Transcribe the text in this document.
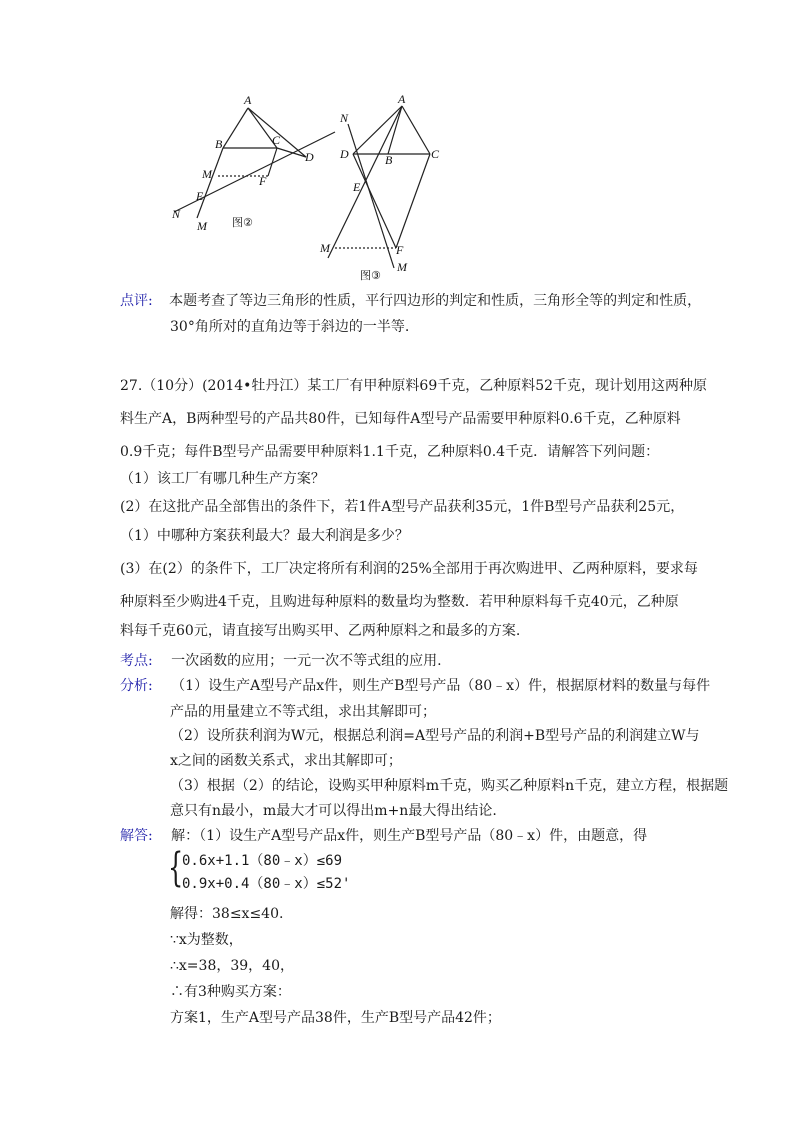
A
B	C
D
M	F
E
N
M 图②
N
A
D	B	C
E
M	F
M
图③
点评: 本题考查了等边三角形的性质，平行四边形的判定和性质，三角形全等的判定和性质，
30°角所对的直角边等于斜边的一半等.
27.（10分）(2014•牡丹江）某工厂有甲种原料69千克，乙种原料52千克，现计划用这两种原
料生产A，B两种型号的产品共80件，已知每件A型号产品需要甲种原料0.6千克，乙种原料
0.9千克；每件B型号产品需要甲种原料1.1千克，乙种原料0.4千克．请解答下列问题：
（1）该工厂有哪几种生产方案？
(2）在这批产品全部售出的条件下，若1件A型号产品获利35元，1件B型号产品获利25元，
（1）中哪种方案获利最大？最大利润是多少？
(3）在(2）的条件下，工厂决定将所有利润的25%全部用于再次购进甲、乙两种原料，要求每
种原料至少购进4千克，且购进每种原料的数量均为整数．若甲种原料每千克40元，乙种原
料每千克60元，请直接写出购买甲、乙两种原料之和最多的方案.
考点: 一次函数的应用；一元一次不等式组的应用.
分析: （1）设生产A型号产品x件，则生产B型号产品（80﹣x）件，根据原材料的数量与每件
产品的用量建立不等式组，求出其解即可；
（2）设所获利润为W元，根据总利润=A型号产品的利润+B型号产品的利润建立W与
x之间的函数关系式，求出其解即可；
（3）根据（2）的结论，设购买甲种原料m千克，购买乙种原料n千克，建立方程，根据题
意只有n最小，m最大才可以得出m+n最大得出结论.
解答: 解：（1）设生产A型号产品x件，则生产B型号产品（80﹣x）件，由题意，得
{
0.6x+1.1（80﹣x）≤69
0.9x+0.4（80﹣x）≤52'
解得：38≤x≤40.
∵x为整数，
∴x=38，39，40，
∴有3种购买方案：
方案1，生产A型号产品38件，生产B型号产品42件；
